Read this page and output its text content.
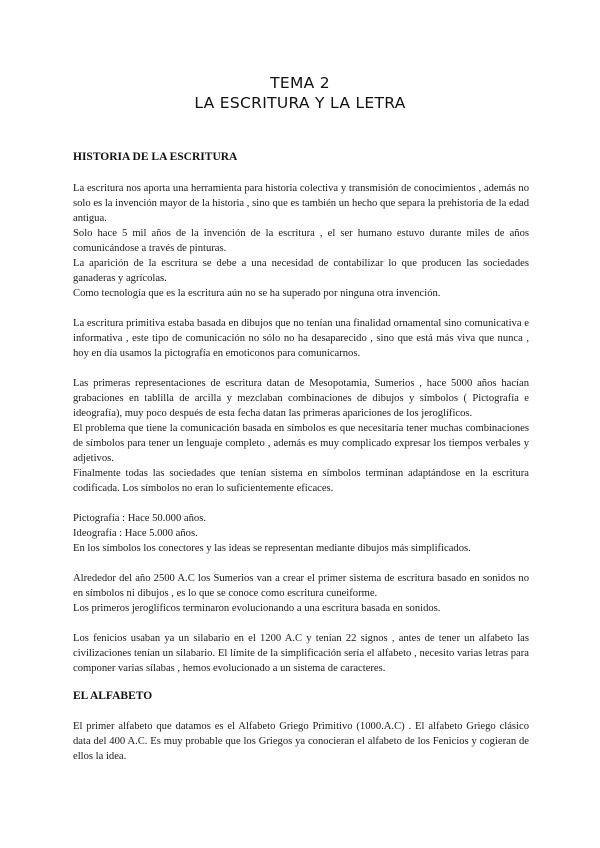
TEMA 2
LA ESCRITURA Y LA LETRA
HISTORIA DE LA ESCRITURA

La escritura nos aporta una herramienta para historia colectiva y transmisión de conocimientos , además no solo es la invención mayor de la historia , sino que es también un hecho que separa la prehistoria de la edad antigua.

Solo hace 5 mil años de la invención de la escritura , el ser humano estuvo durante miles de años comunicándose a través de pinturas.

La aparición de la escritura se debe a una necesidad de contabilizar lo que producen las sociedades ganaderas y agrícolas.

Como tecnología que es la escritura aún no se ha superado por ninguna otra invención.

La escritura primitiva estaba basada en dibujos que no tenían una finalidad ornamental sino comunicativa e informativa , este tipo de comunicación no sólo no ha desaparecido , sino que está más viva que nunca , hoy en día usamos la pictografía en emoticonos para comunicarnos.

Las primeras representaciones de escritura datan de Mesopotamia, Sumerios , hace 5000 años hacían grabaciones en tablilla de arcilla y mezclaban combinaciones de dibujos y símbolos ( Pictografía e ideografía), muy poco después de esta fecha datan las primeras apariciones de los jeroglíficos.

El problema que tiene la comunicación basada en símbolos es que necesitaría tener muchas combinaciones de símbolos para tener un lenguaje completo , además es muy complicado expresar los tiempos verbales y adjetivos.

Finalmente todas las sociedades que tenían sistema en símbolos terminan adaptándose en la escritura codificada. Los símbolos no eran lo suficientemente eficaces.

Pictografía : Hace 50.000 años.

Ideografía : Hace 5.000 años.

En los símbolos los conectores y las ideas se representan mediante dibujos más simplificados.

Alrededor del año 2500 A.C los Sumerios van a crear el primer sistema de escritura basado en sonidos no en símbolos ni dibujos , es lo que se conoce como escritura cuneiforme.

Los primeros jeroglíficos terminaron evolucionando a una escritura basada en sonidos.

Los fenicios usaban ya un silabario en el 1200 A.C y tenían 22 signos , antes de tener un alfabeto las civilizaciones tenían un silabario. El límite de la simplificación sería el alfabeto , necesito varias letras para componer varias sílabas , hemos evolucionado a un sistema de caracteres.

EL ALFABETO

El primer alfabeto que datamos es el Alfabeto Griego Primitivo (1000.A.C) . El alfabeto Griego clásico data del 400 A.C. Es muy probable que los Griegos ya conocieran el alfabeto de los Fenicios y cogieran de ellos la idea.
